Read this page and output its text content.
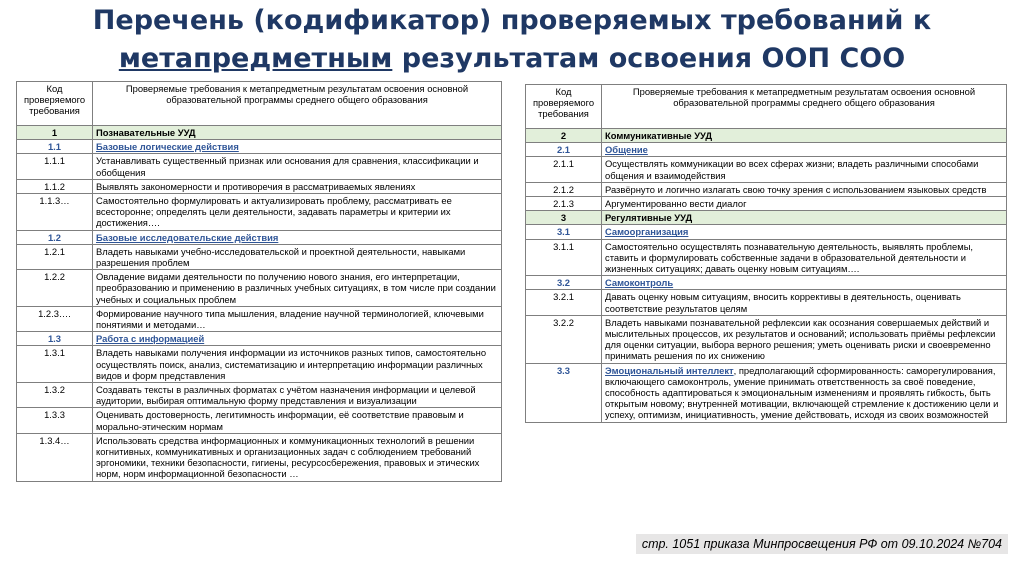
Перечень (кодификатор) проверяемых требований к
метапредметным результатам освоения ООП СОО
Код проверяемого требования	Проверяемые требования к метапредметным результатам освоения основной образовательной программы среднего общего образования
1	Познавательные УУД
1.1	Базовые логические действия
1.1.1	Устанавливать существенный признак или основания для сравнения, классификации и обобщения
1.1.2	Выявлять закономерности и противоречия в рассматриваемых явлениях
1.1.3…	Самостоятельно формулировать и актуализировать проблему, рассматривать ее всесторонне; определять цели деятельности, задавать параметры и критерии их достижения….
1.2	Базовые исследовательские действия
1.2.1	Владеть навыками учебно-исследовательской и проектной деятельности, навыками разрешения проблем
1.2.2	Овладение видами деятельности по получению нового знания, его интерпретации, преобразованию и применению в различных учебных ситуациях, в том числе при создании учебных и социальных проблем
1.2.3….	Формирование научного типа мышления, владение научной терминологией, ключевыми понятиями и методами…
1.3	Работа с информацией
1.3.1	Владеть навыками получения информации из источников разных типов, самостоятельно осуществлять поиск, анализ, систематизацию и интерпретацию информации различных видов и форм представления
1.3.2	Создавать тексты в различных форматах с учётом назначения информации и целевой аудитории, выбирая оптимальную форму представления и визуализации
1.3.3	Оценивать достоверность, легитимность информации, её соответствие правовым и морально-этическим нормам
1.3.4…	Использовать средства информационных и коммуникационных технологий в решении когнитивных, коммуникативных и организационных задач с соблюдением требований эргономики, техники безопасности, гигиены, ресурсосбережения, правовых и этических норм, норм информационной безопасности …
Код проверяемого требования	Проверяемые требования к метапредметным результатам освоения основной образовательной программы среднего общего образования
2	Коммуникативные УУД
2.1	Общение
2.1.1	Осуществлять коммуникации во всех сферах жизни; владеть различными способами общения и взаимодействия
2.1.2	Развёрнуто и логично излагать свою точку зрения с использованием языковых средств
2.1.3	Аргументированно вести диалог
3	Регулятивные УУД
3.1	Самоорганизация
3.1.1	Самостоятельно осуществлять познавательную деятельность, выявлять проблемы, ставить и формулировать собственные задачи в образовательной деятельности и жизненных ситуациях; давать оценку новым ситуациям….
3.2	Самоконтроль
3.2.1	Давать оценку новым ситуациям, вносить коррективы в деятельность, оценивать соответствие результатов целям
3.2.2	Владеть навыками познавательной рефлексии как осознания совершаемых действий и мыслительных процессов, их результатов и оснований; использовать приёмы рефлексии для оценки ситуации, выбора верного решения; уметь оценивать риски и своевременно принимать решения по их снижению
3.3	Эмоциональный интеллект, предполагающий сформированность: саморегулирования, включающего самоконтроль, умение принимать ответственность за своё поведение, способность адаптироваться к эмоциональным изменениям и проявлять гибкость, быть открытым новому; внутренней мотивации, включающей стремление к достижению цели и успеху, оптимизм, инициативность, умение действовать, исходя из своих возможностей
стр. 1051 приказа Минпросвещения РФ от 09.10.2024 №704
